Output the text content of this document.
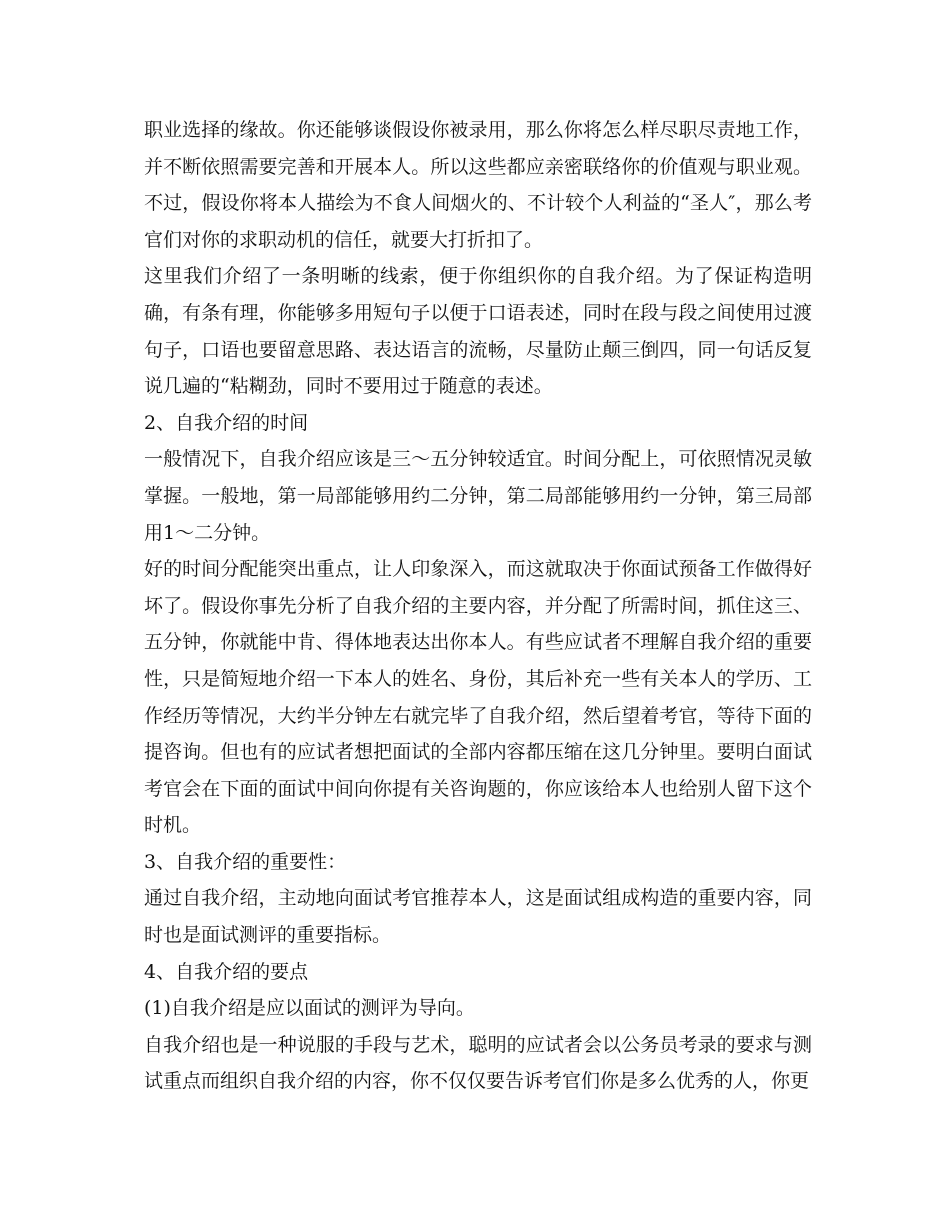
职业选择的缘故。你还能够谈假设你被录用，那么你将怎么样尽职尽责地工作，并不断依照需要完善和开展本人。所以这些都应亲密联络你的价值观与职业观。不过，假设你将本人描绘为不食人间烟火的、不计较个人利益的“圣人″，那么考官们对你的求职动机的信任，就要大打折扣了。

这里我们介绍了一条明晰的线索，便于你组织你的自我介绍。为了保证构造明确，有条有理，你能够多用短句子以便于口语表述，同时在段与段之间使用过渡句子，口语也要留意思路、表达语言的流畅，尽量防止颠三倒四，同一句话反复说几遍的“粘糊劲，同时不要用过于随意的表述。

2、自我介绍的时间

一般情况下，自我介绍应该是三～五分钟较适宜。时间分配上，可依照情况灵敏掌握。一般地，第一局部能够用约二分钟，第二局部能够用约一分钟，第三局部用1～二分钟。

好的时间分配能突出重点，让人印象深入，而这就取决于你面试预备工作做得好坏了。假设你事先分析了自我介绍的主要内容，并分配了所需时间，抓住这三、五分钟，你就能中肯、得体地表达出你本人。有些应试者不理解自我介绍的重要性，只是简短地介绍一下本人的姓名、身份，其后补充一些有关本人的学历、工作经历等情况，大约半分钟左右就完毕了自我介绍，然后望着考官，等待下面的提咨询。但也有的应试者想把面试的全部内容都压缩在这几分钟里。要明白面试考官会在下面的面试中间向你提有关咨询题的，你应该给本人也给别人留下这个时机。

3、自我介绍的重要性：

通过自我介绍，主动地向面试考官推荐本人，这是面试组成构造的重要内容，同时也是面试测评的重要指标。

4、自我介绍的要点

(1)自我介绍是应以面试的测评为导向。

自我介绍也是一种说服的手段与艺术，聪明的应试者会以公务员考录的要求与测试重点而组织自我介绍的内容，你不仅仅要告诉考官们你是多么优秀的人，你更
